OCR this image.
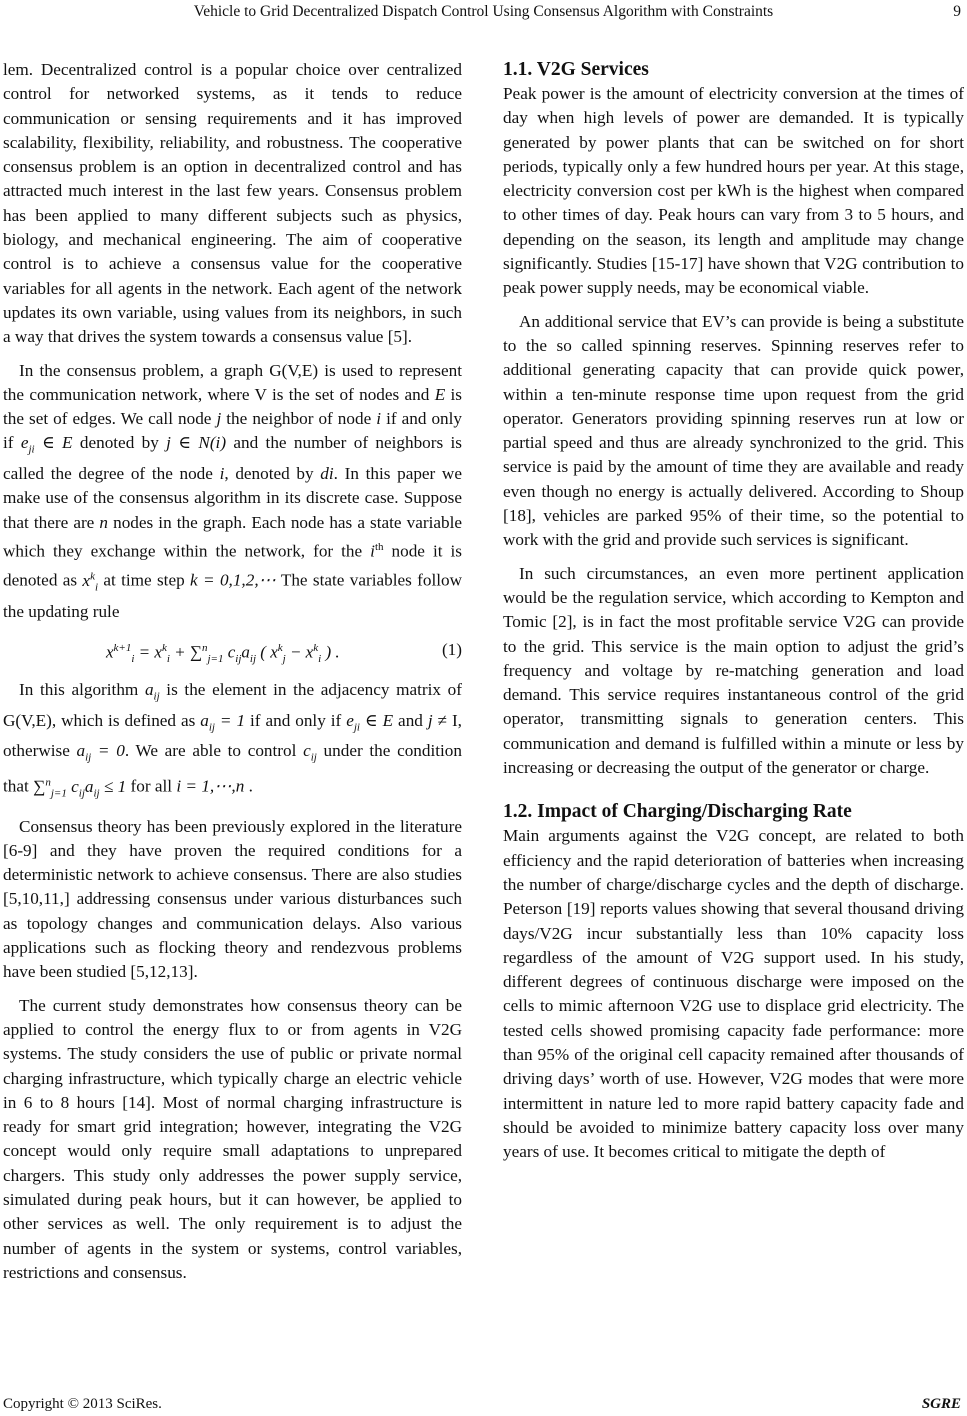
Vehicle to Grid Decentralized Dispatch Control Using Consensus Algorithm with Constraints	9

lem. Decentralized control is a popular choice over centralized control for networked systems, as it tends to reduce communication or sensing requirements and it has improved scalability, flexibility, reliability, and robustness. The cooperative consensus problem is an option in decentralized control and has attracted much interest in the last few years. Consensus problem has been applied to many different subjects such as physics, biology, and mechanical engineering. The aim of cooperative control is to achieve a consensus value for the cooperative variables for all agents in the network. Each agent of the network updates its own variable, using values from its neighbors, in such a way that drives the system towards a consensus value [5].

In the consensus problem, a graph G(V,E) is used to represent the communication network, where V is the set of nodes and E is the set of edges. We call node j the neighbor of node i if and only if $e_{ji}$ ∈ E denoted by j ∈ N(i) and the number of neighbors is called the degree of the node i, denoted by di. In this paper we make use of the consensus algorithm in its discrete case. Suppose that there are n nodes in the graph. Each node has a state variable which they exchange within the network, for the $i^{th}$ node it is denoted as $x^k_i$ at time step k = 0,1,2,⋯ The state variables follow the updating rule

$x^{k+1}_i = x^k_i + \sum^n_{j=1}$ $c_{ij}a_{ij}$ ( $x^k_j - x^k_i$ ) .	(1)

In this algorithm $a_{ij}$ is the element in the adjacency matrix of G(V,E), which is defined as $a_{ij} = 1$ if and only if $e_{ji}$ ∈ E and j ≠ I, otherwise $a_{ij} = 0$. We are able to control $c_{ij}$ under the condition that ∑$^n_{j=1}$ $c_{ij}a_{ij} \le 1$ for all i = 1,⋯,n .

Consensus theory has been previously explored in the literature [6-9] and they have proven the required conditions for a deterministic network to achieve consensus. There are also studies [5,10,11,] addressing consensus under various disturbances such as topology changes and communication delays. Also various applications such as flocking theory and rendezvous problems have been studied [5,12,13].

The current study demonstrates how consensus theory can be applied to control the energy flux to or from agents in V2G systems. The study considers the use of public or private normal charging infrastructure, which typically charge an electric vehicle in 6 to 8 hours [14]. Most of normal charging infrastructure is ready for smart grid integration; however, integrating the V2G concept would only require small adaptations to unprepared chargers. This study only addresses the power supply service, simulated during peak hours, but it can however, be applied to other services as well. The only requirement is to adjust the number of agents in the system or systems, control variables, restrictions and consensus.

1.1. V2G Services

Peak power is the amount of electricity conversion at the times of day when high levels of power are demanded. It is typically generated by power plants that can be switched on for short periods, typically only a few hundred hours per year. At this stage, electricity conversion cost per kWh is the highest when compared to other times of day. Peak hours can vary from 3 to 5 hours, and depending on the season, its length and amplitude may change significantly. Studies [15-17] have shown that V2G contribution to peak power supply needs, may be economical viable.

An additional service that EV’s can provide is being a substitute to the so called spinning reserves. Spinning reserves refer to additional generating capacity that can provide quick power, within a ten-minute response time upon request from the grid operator. Generators providing spinning reserves run at low or partial speed and thus are already synchronized to the grid. This service is paid by the amount of time they are available and ready even though no energy is actually delivered. According to Shoup [18], vehicles are parked 95% of their time, so the potential to work with the grid and provide such services is significant.

In such circumstances, an even more pertinent application would be the regulation service, which according to Kempton and Tomic [2], is in fact the most profitable service V2G can provide to the grid. This service is the main option to adjust the grid’s frequency and voltage by re-matching generation and load demand. This service requires instantaneous control of the grid operator, transmitting signals to generation centers. This communication and demand is fulfilled within a minute or less by increasing or decreasing the output of the generator or charge.

1.2. Impact of Charging/Discharging Rate

Main arguments against the V2G concept, are related to both efficiency and the rapid deterioration of batteries when increasing the number of charge/discharge cycles and the depth of discharge. Peterson [19] reports values showing that several thousand driving days/V2G incur substantially less than 10% capacity loss regardless of the amount of V2G support used. In his study, different degrees of continuous discharge were imposed on the cells to mimic afternoon V2G use to displace grid electricity. The tested cells showed promising capacity fade performance: more than 95% of the original cell capacity remained after thousands of driving days’ worth of use. However, V2G modes that were more intermittent in nature led to more rapid battery capacity fade and should be avoided to minimize battery capacity loss over many years of use. It becomes critical to mitigate the depth of

Copyright © 2013 SciRes.	SGRE
